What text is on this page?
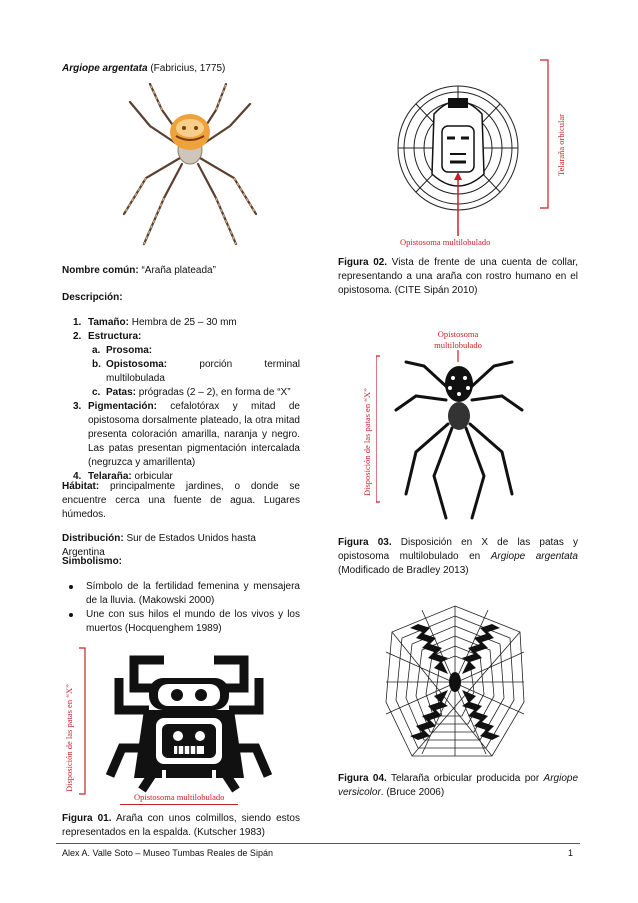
Argiope argentata (Fabricius, 1775)
Nombre común: “Araña plateada”
Descripción:
1. Tamaño: Hembra de 25 – 30 mm
2. Estructura:
a. Prosoma:
b. Opistosoma: porción terminal multilobulada
c. Patas: prógradas (2 – 2), en forma de “X”
3. Pigmentación: cefalotórax y mitad de opistosoma dorsalmente plateado, la otra mitad presenta coloración amarilla, naranja y negro. Las patas presentan pigmentación intercalada (negruzca y amarillenta)
4. Telaraña: orbicular
Hábitat: principalmente jardines, o donde se encuentre cerca una fuente de agua. Lugares húmedos.
Distribución: Sur de Estados Unidos hasta Argentina
Simbolismo:
Símbolo de la fertilidad femenina y mensajera de la lluvia. (Makowski 2000)
Une con sus hilos el mundo de los vivos y los muertos (Hocquenghem 1989)
Disposición de las patas en “X”
Opistosoma multilobulado
Figura 01. Araña con unos colmillos, siendo estos representados en la espalda. (Kutscher 1983)
Telaraña orbicular
Opistosoma multilobulado
Figura 02. Vista de frente de una cuenta de collar, representando a una araña con rostro humano en el opistosoma. (CITE Sipán 2010)
Opistosoma
multilobulado
Disposición de las patas en “X”
Figura 03. Disposición en X de las patas y opistosoma multilobulado en Argiope argentata (Modificado de Bradley 2013)
Figura 04. Telaraña orbicular producida por Argiope versicolor. (Bruce 2006)
Alex A. Valle Soto – Museo Tumbas Reales de Sipán	1
